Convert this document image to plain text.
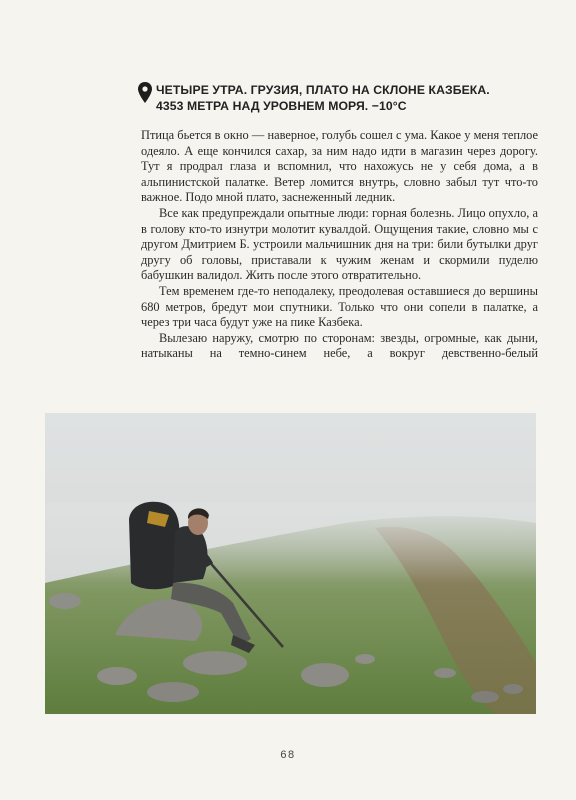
ЧЕТЫРЕ УТРА. ГРУЗИЯ, ПЛАТО НА СКЛОНЕ КАЗБЕКА.
4353 МЕТРА НАД УРОВНЕМ МОРЯ. −10°С

Птица бьется в окно — наверное, голубь сошел с ума. Какое у меня теплое одеяло. А еще кончился сахар, за ним надо идти в магазин через дорогу. Тут я продрал глаза и вспомнил, что нахожусь не у себя дома, а в альпинистской палатке. Ветер ломится внутрь, словно забыл тут что-то важное. Подо мной плато, заснеженный ледник.

Все как предупреждали опытные люди: горная болезнь. Лицо опухло, а в голову кто-то изнутри молотит кувалдой. Ощущения такие, словно мы с другом Дмитрием Б. устроили мальчишник дня на три: били бутылки друг другу об головы, приставали к чужим женам и скормили пуделю бабушкин валидол. Жить после этого отвратительно.

Тем временем где-то неподалеку, преодолевая оставшиеся до вершины 680 метров, бредут мои спутники. Только что они сопели в палатке, а через три часа будут уже на пике Казбека.

Вылезаю наружу, смотрю по сторонам: звезды, огромные, как дыни, натыканы на темно-синем небе, а вокруг девственно-белый

68
